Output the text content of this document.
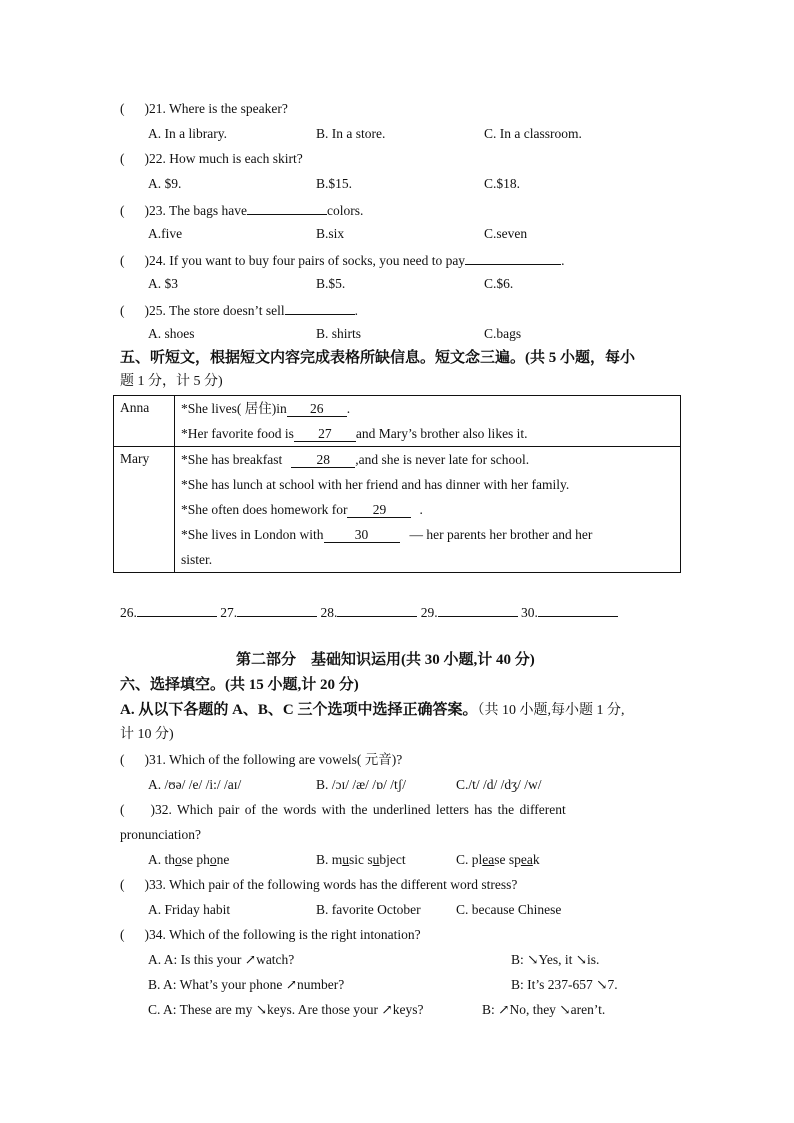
( )21. Where is the speaker?
A. In a library.	B. In a store.	C. In a classroom.
( )22. How much is each skirt?
A. $9.	B.$15.	C.$18.
( )23. The bags have	colors.
A.five	B.six	C.seven
( )24. If you want to buy four pairs of socks, you need to pay	.
A. $3	B.$5.	C.$6.
( )25. The store doesn’t sell	.
A. shoes	B. shirts	C.bags
五、听短文，根据短文内容完成表格所缺信息。短文念三遍。(共 5 小题，每小
题 1 分，计 5 分)
Anna	*She lives( 居住)in 26 .
*Her favorite food is 27 and Mary’s brother also likes it.

Mary	*She has breakfast 28 ,and she is never late for school.
*She has lunch at school with her friend and has dinner with her family.
*She often does homework for 29 .
*She lives in London with 30 — her parents her brother and her
sister.
26.	27.	28.	29.	30.
第二部分　基础知识运用(共 30 小题,计 40 分)
六、选择填空。(共 15 小题,计 20 分)
A. 从以下各题的 A、B、C 三个选项中选择正确答案。（共 10 小题,每小题 1 分,
计 10 分)
( )31. Which of the following are vowels( 元音)?
A. /ʊə/ /e/ /i:/ /aɪ/	B. /ɔɪ/ /æ/ /ɒ/ /tʃ/	C./t/ /d/ /dʒ/ /w/
( )32. Which pair of the words with the underlined letters has the different
pronunciation?
A. those phone	B. music subject	C. please speak
( )33. Which pair of the following words has the different word stress?
A. Friday habit	B. favorite October	C. because Chinese
( )34. Which of the following is the right intonation?
A. A: Is this your ↗watch?	B: ↘Yes, it ↘is.
B. A: What’s your phone ↗number?	B: It’s 237-657 ↘7.
C. A: These are my ↘keys. Are those your ↗keys?	B: ↗No, they ↘aren’t.
